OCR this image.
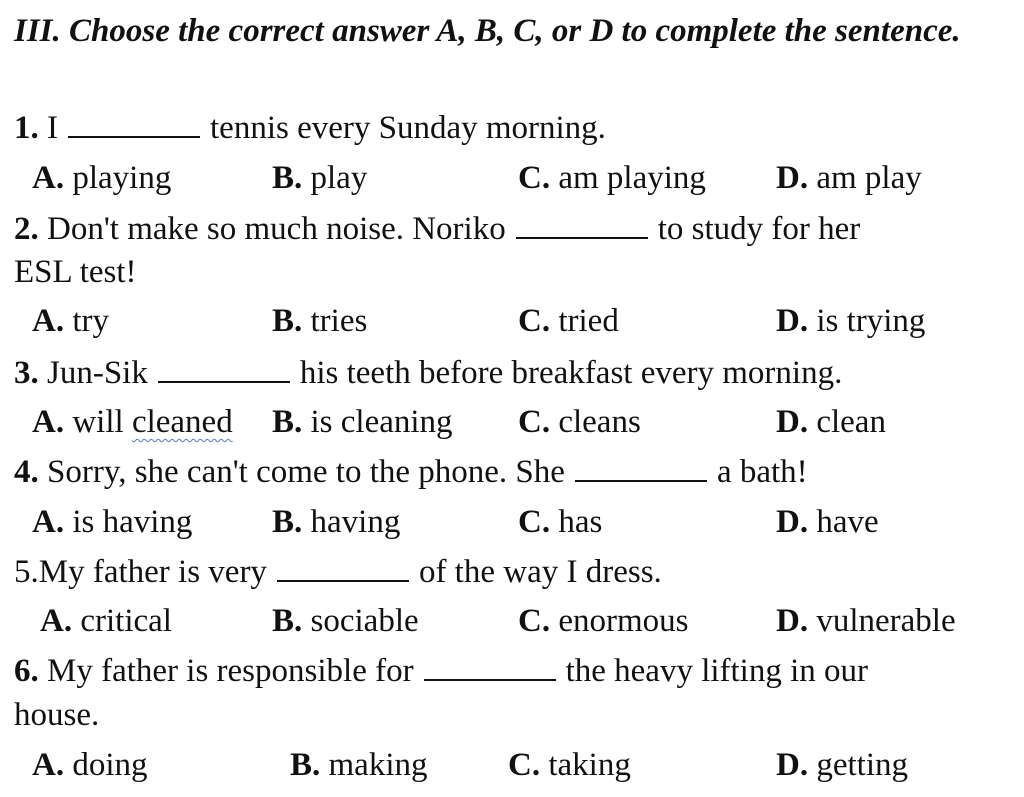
III. Choose the correct answer A, B, C, or D to complete the sentence.
1. I	tennis every Sunday morning.
A. playing	B. play	C. am playing D. am play
2. Don't make so much noise. Noriko	to study for her
ESL test!
A. try	B. tries	C. tried	D. is trying
3. Jun-Sik	his teeth before breakfast every morning.
A. will cleaned B. is cleaning C. cleans	D. clean
4. Sorry, she can't come to the phone. She	a bath!
A. is having B. having	C. has	D. have
5.My father is very	of the way I dress.
A. critical	B. sociable	C. enormous	D. vulnerable
6. My father is responsible for	the heavy lifting in our
house.
A. doing	B. making C. taking	D. getting
